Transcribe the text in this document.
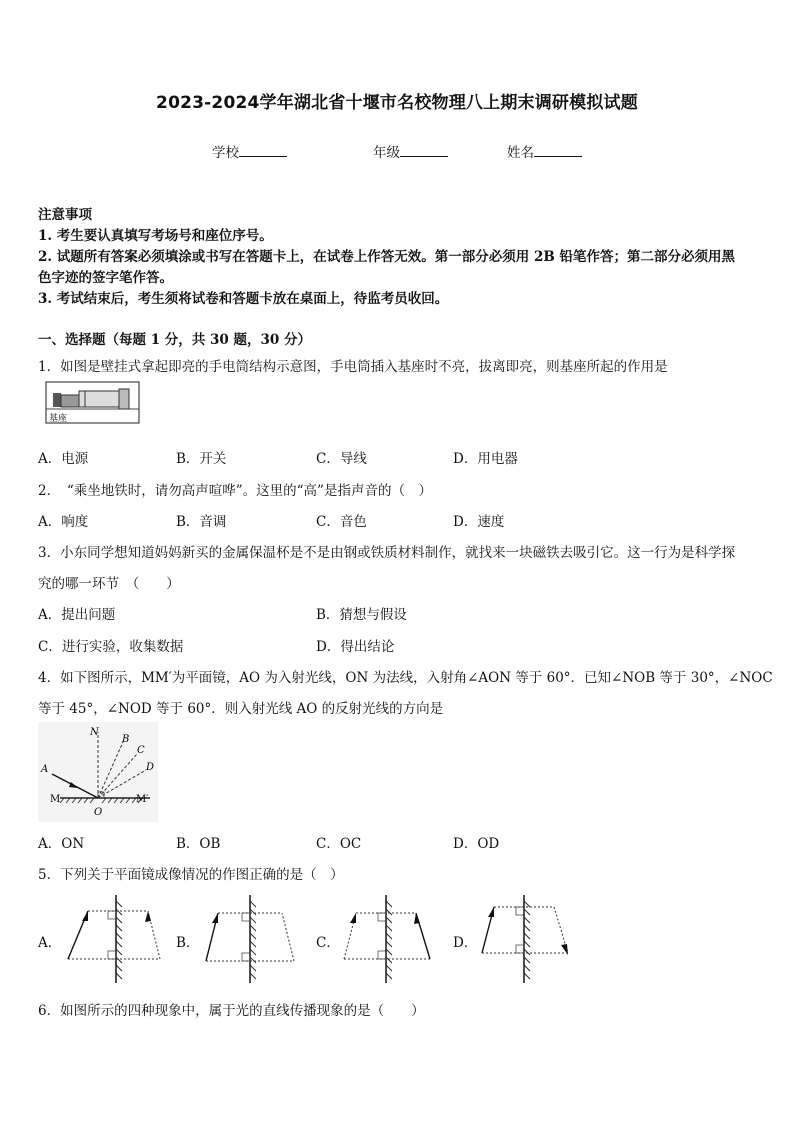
2023-2024学年湖北省十堰市名校物理八上期末调研模拟试题
学校	年级	姓名
注意事项
1. 考生要认真填写考场号和座位序号。
2. 试题所有答案必须填涂或书写在答题卡上，在试卷上作答无效。第一部分必须用 2B 铅笔作答；第二部分必须用黑
色字迹的签字笔作答。
3. 考试结束后，考生须将试卷和答题卡放在桌面上，待监考员收回。
一、选择题（每题 1 分，共 30 题，30 分）
1．如图是壁挂式拿起即亮的手电筒结构示意图，手电筒插入基座时不亮，拔离即亮，则基座所起的作用是
基座
A．电源	B．开关	C．导线	D．用电器
2．　“乘坐地铁时，请勿高声喧哗”。这里的“高”是指声音的（　）
A．响度	B．音调	C．音色	D．速度
3．小东同学想知道妈妈新买的金属保温杯是不是由钢或铁质材料制作，就找来一块磁铁去吸引它。这一行为是科学探
究的哪一环节　（　　）
A．提出问题	B．猜想与假设
C．进行实验，收集数据	D．得出结论
4．如下图所示，MM′为平面镜，AO 为入射光线，ON 为法线，入射角∠AON 等于 60°．已知∠NOB 等于 30°，∠NOC
等于 45°，∠NOD 等于 60°．则入射光线 AO 的反射光线的方向是
N
B
C
D
A
M	M′
O
A．ON	B．OB	C．OC	D．OD
5．下列关于平面镜成像情况的作图正确的是（　）
A．	B．	C．	D．
6．如图所示的四种现象中，属于光的直线传播现象的是（　　）
